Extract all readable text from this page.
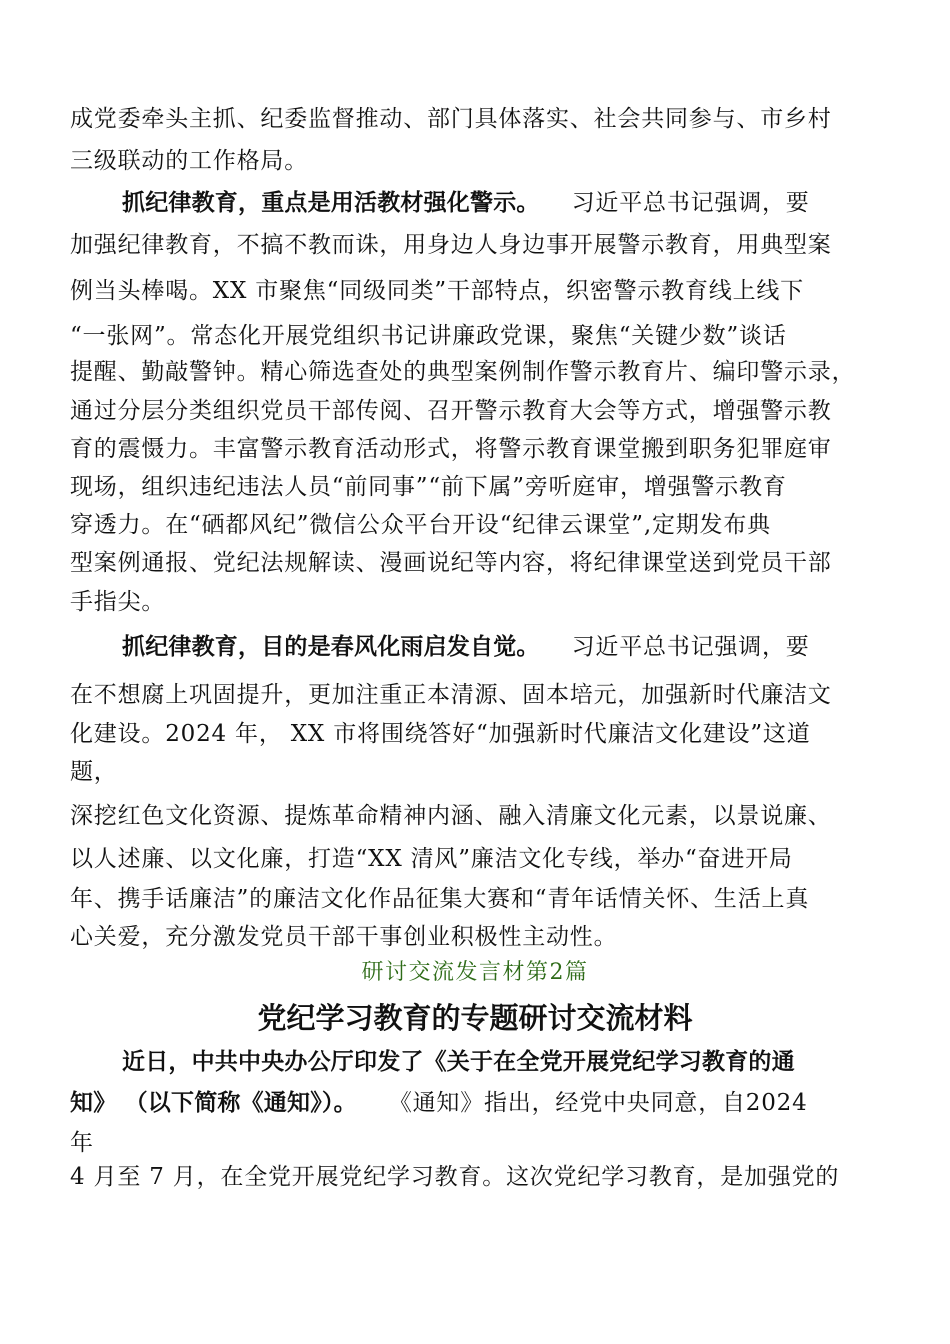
成党委牵头主抓、纪委监督推动、部门具体落实、社会共同参与、市乡村
三级联动的工作格局。
抓纪律教育，重点是用活教材强化警示。 习近平总书记强调，要
加强纪律教育，不搞不教而诛，用身边人身边事开展警示教育，用典型案
例当头棒喝。XX 市聚焦“同级同类”干部特点，织密警示教育线上线下
“一张网”。常态化开展党组织书记讲廉政党课，聚焦“关键少数”谈话
提醒、勤敲警钟。精心筛选查处的典型案例制作警示教育片、编印警示录，
通过分层分类组织党员干部传阅、召开警示教育大会等方式，增强警示教
育的震慑力。丰富警示教育活动形式，将警示教育课堂搬到职务犯罪庭审
现场，组织违纪违法人员“前同事”“前下属”旁听庭审，增强警示教育
穿透力。在“硒都风纪”微信公众平台开设“纪律云课堂”,定期发布典
型案例通报、党纪法规解读、漫画说纪等内容，将纪律课堂送到党员干部
手指尖。
抓纪律教育，目的是春风化雨启发自觉。 习近平总书记强调，要
在不想腐上巩固提升，更加注重正本清源、固本培元，加强新时代廉洁文
化建设。2024 年， XX 市将围绕答好“加强新时代廉洁文化建设”这道
题，
深挖红色文化资源、提炼革命精神内涵、融入清廉文化元素，以景说廉、
以人述廉、以文化廉，打造“XX 清风”廉洁文化专线，举办“奋进开局
年、携手话廉洁”的廉洁文化作品征集大赛和“青年话情关怀、生活上真
心关爱，充分激发党员干部干事创业积极性主动性。
研讨交流发言材第2篇
党纪学习教育的专题研讨交流材料
近日，中共中央办公厅印发了《关于在全党开展党纪学习教育的通
知》 （以下简称《通知》）。 《通知》指出，经党中央同意，自2024
年
4 月至 7 月，在全党开展党纪学习教育。这次党纪学习教育，是加强党的
